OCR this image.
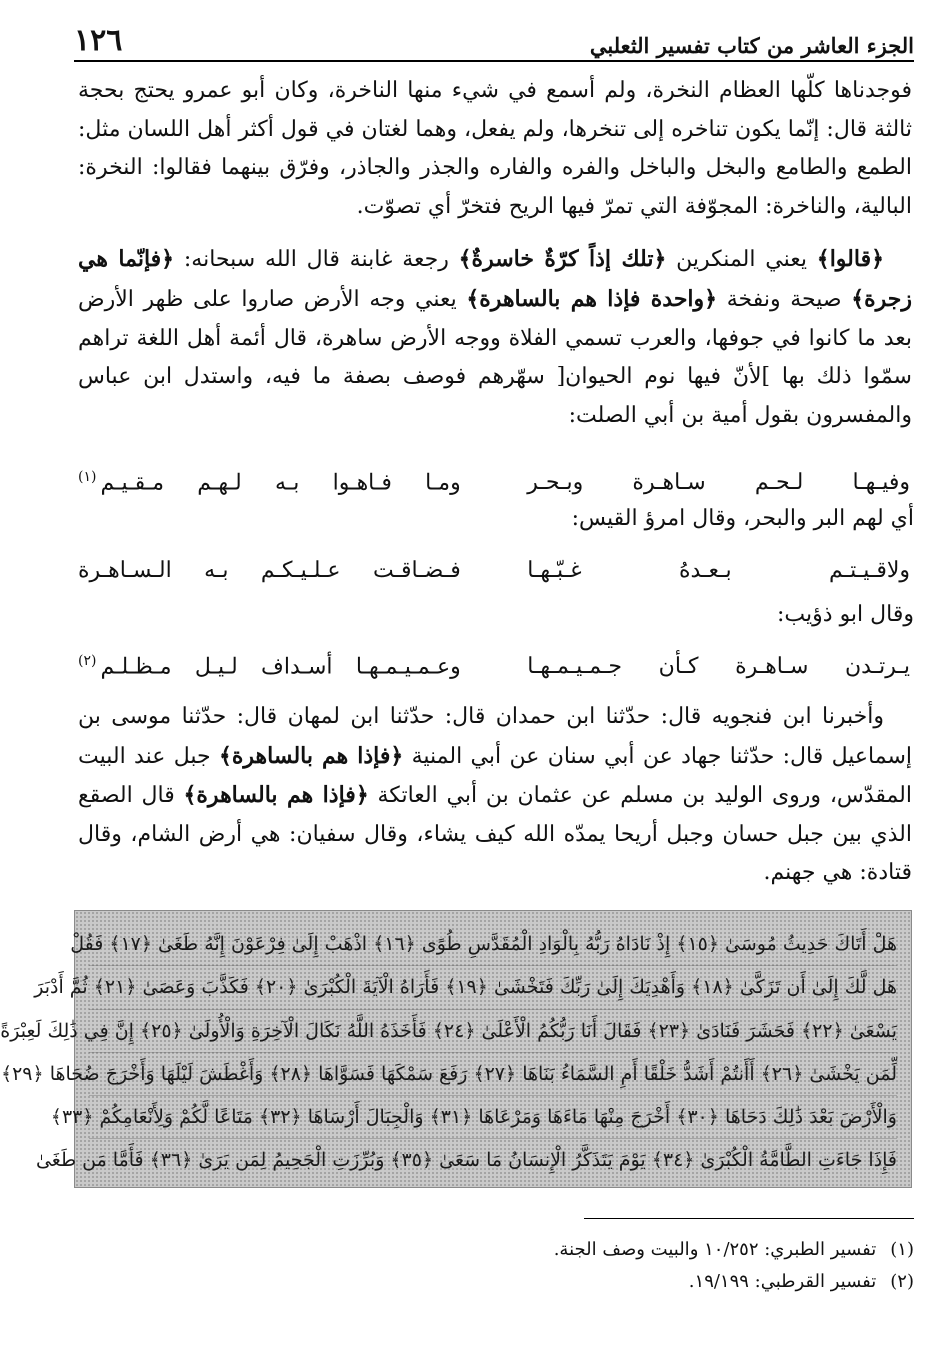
الجزء العاشر من كتاب تفسير الثعلبي
١٢٦

فوجدناها كلّها العظام النخرة، ولم أسمع في شيء منها الناخرة، وكان أبو عمرو يحتج بحجة ثالثة قال: إنّما يكون تناخره إلى تنخرها، ولم يفعل، وهما لغتان في قول أكثر أهل اللسان مثل: الطمع والطامع والبخل والباخل والفره والفاره والجذر والجاذر، وفرّق بينهما فقالوا: النخرة: البالية، والناخرة: المجوّفة التي تمرّ فيها الريح فتخرّ أي تصوّت.

﴿قالوا﴾ يعني المنكرين ﴿تلك إذاً كرّةٌ خاسرةٌ﴾ رجعة غابنة قال الله سبحانه: ﴿فإنّما هي زجرة﴾ صيحة ونفخة ﴿واحدة فإذا هم بالساهرة﴾ يعني وجه الأرض صاروا على ظهر الأرض بعد ما كانوا في جوفها، والعرب تسمي الفلاة ووجه الأرض ساهرة، قال أئمة أهل اللغة تراهم سمّوا ذلك بها ]لأنّ فيها نوم الحيوان[ سهّرهم فوصف بصفة ما فيه، واستدل ابن عباس والمفسرون بقول أمية بن أبي الصلت:

وفيـهـا لـحـم سـاهـرة وبـحـر
ومـا فـاهـوا بـه لـهـم مـقـيـم$^{(١)}$
أي لهم البر والبحر، وقال امرؤ القيس:
ولاقـيـتـم بـعـدهُ غـبّـهـا
فـضـاقـت عـلـيـكـم بـه الـسـاهـرة
وقال ابو ذؤيب:
يـرتـدن سـاهـرة كـأن جـمـيـمـهـا
وعـمـيـمـهـا أسـداف لـيـل مـظـلـم$^{(٢)}$

وأخبرنا ابن فنجويه قال: حدّثنا ابن حمدان قال: حدّثنا ابن لمهان قال: حدّثنا موسى بن إسماعيل قال: حدّثنا جهاد عن أبي سنان عن أبي المنية ﴿فإذا هم بالساهرة﴾ جبل عند البيت المقدّس، وروى الوليد بن مسلم عن عثمان بن أبي العاتكة ﴿فإذا هم بالساهرة﴾ قال الصقع الذي بين جبل حسان وجبل أريحا يمدّه الله كيف يشاء، وقال سفيان: هي أرض الشام، وقال قتادة: هي جهنم.

هَلْ أَتَاكَ حَدِيثُ مُوسَىٰ ﴿١٥﴾ إِذْ نَادَاهُ رَبُّهُ بِالْوَادِ الْمُقَدَّسِ طُوًى ﴿١٦﴾ اذْهَبْ إِلَىٰ فِرْعَوْنَ إِنَّهُ طَغَىٰ ﴿١٧﴾ فَقُلْ
هَل لَّكَ إِلَىٰ أَن تَزَكَّىٰ ﴿١٨﴾ وَأَهْدِيَكَ إِلَىٰ رَبِّكَ فَتَخْشَىٰ ﴿١٩﴾ فَأَرَاهُ الْآيَةَ الْكُبْرَىٰ ﴿٢٠﴾ فَكَذَّبَ وَعَصَىٰ ﴿٢١﴾ ثُمَّ أَدْبَرَ
يَسْعَىٰ ﴿٢٢﴾ فَحَشَرَ فَنَادَىٰ ﴿٢٣﴾ فَقَالَ أَنَا رَبُّكُمُ الْأَعْلَىٰ ﴿٢٤﴾ فَأَخَذَهُ اللَّهُ نَكَالَ الْآخِرَةِ وَالْأُولَىٰ ﴿٢٥﴾ إِنَّ فِي ذَٰلِكَ لَعِبْرَةً
لِّمَن يَخْشَىٰ ﴿٢٦﴾ أَأَنتُمْ أَشَدُّ خَلْقًا أَمِ السَّمَاءُ بَنَاهَا ﴿٢٧﴾ رَفَعَ سَمْكَهَا فَسَوَّاهَا ﴿٢٨﴾ وَأَغْطَشَ لَيْلَهَا وَأَخْرَجَ ضُحَاهَا ﴿٢٩﴾
وَالْأَرْضَ بَعْدَ ذَٰلِكَ دَحَاهَا ﴿٣٠﴾ أَخْرَجَ مِنْهَا مَاءَهَا وَمَرْعَاهَا ﴿٣١﴾ وَالْجِبَالَ أَرْسَاهَا ﴿٣٢﴾ مَتَاعًا لَّكُمْ وَلِأَنْعَامِكُمْ ﴿٣٣﴾
فَإِذَا جَاءَتِ الطَّامَّةُ الْكُبْرَىٰ ﴿٣٤﴾ يَوْمَ يَتَذَكَّرُ الْإِنسَانُ مَا سَعَىٰ ﴿٣٥﴾ وَبُرِّزَتِ الْجَحِيمُ لِمَن يَرَىٰ ﴿٣٦﴾ فَأَمَّا مَن طَغَىٰ
(١)
تفسير الطبري: ١٠/٢٥٢ والبيت وصف الجنة.
(٢)
تفسير القرطبي: ١٩/١٩٩.
